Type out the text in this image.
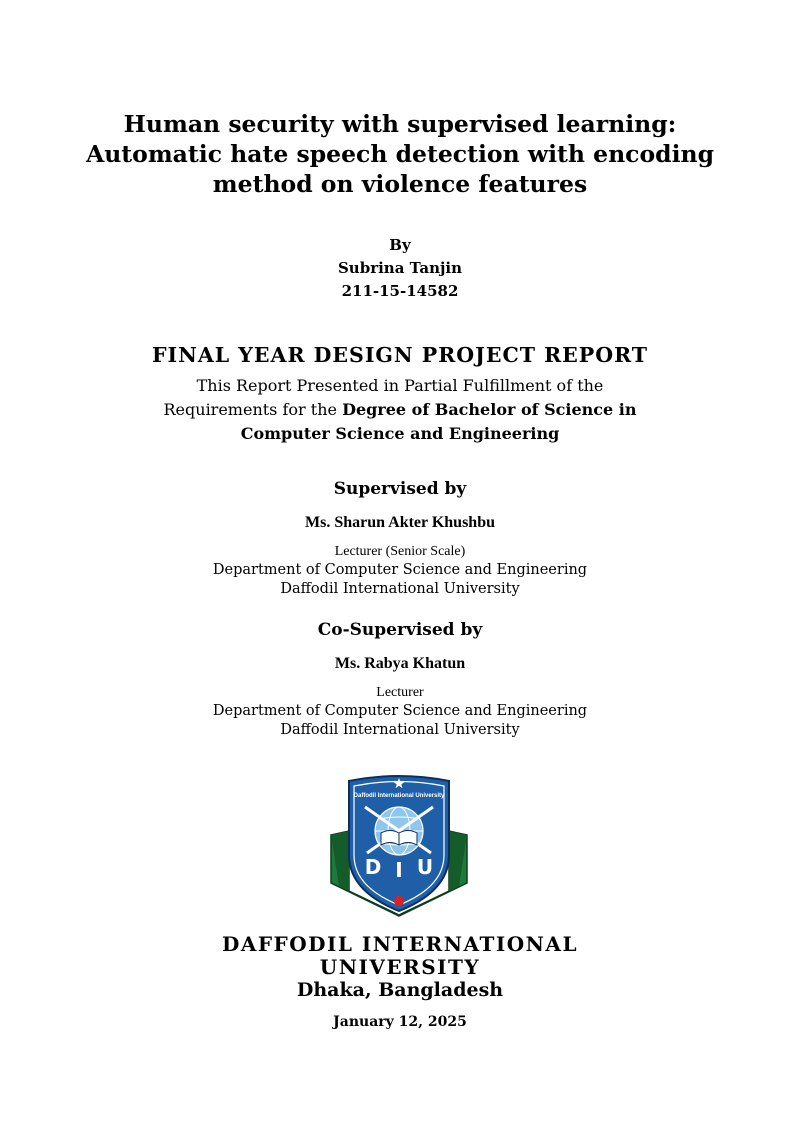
Human security with supervised learning:
Automatic hate speech detection with encoding
method on violence features
By
Subrina Tanjin
211-15-14582
FINAL YEAR DESIGN PROJECT REPORT
This Report Presented in Partial Fulfillment of the
Requirements for the Degree of Bachelor of Science in
Computer Science and Engineering
Supervised by
Ms. Sharun Akter Khushbu
Lecturer (Senior Scale)
Department of Computer Science and Engineering
Daffodil International University
Co-Supervised by
Ms. Rabya Khatun
Lecturer
Department of Computer Science and Engineering
Daffodil International University
Daffodil International University
D I U
DAFFODIL INTERNATIONAL
UNIVERSITY
Dhaka, Bangladesh
January 12, 2025
